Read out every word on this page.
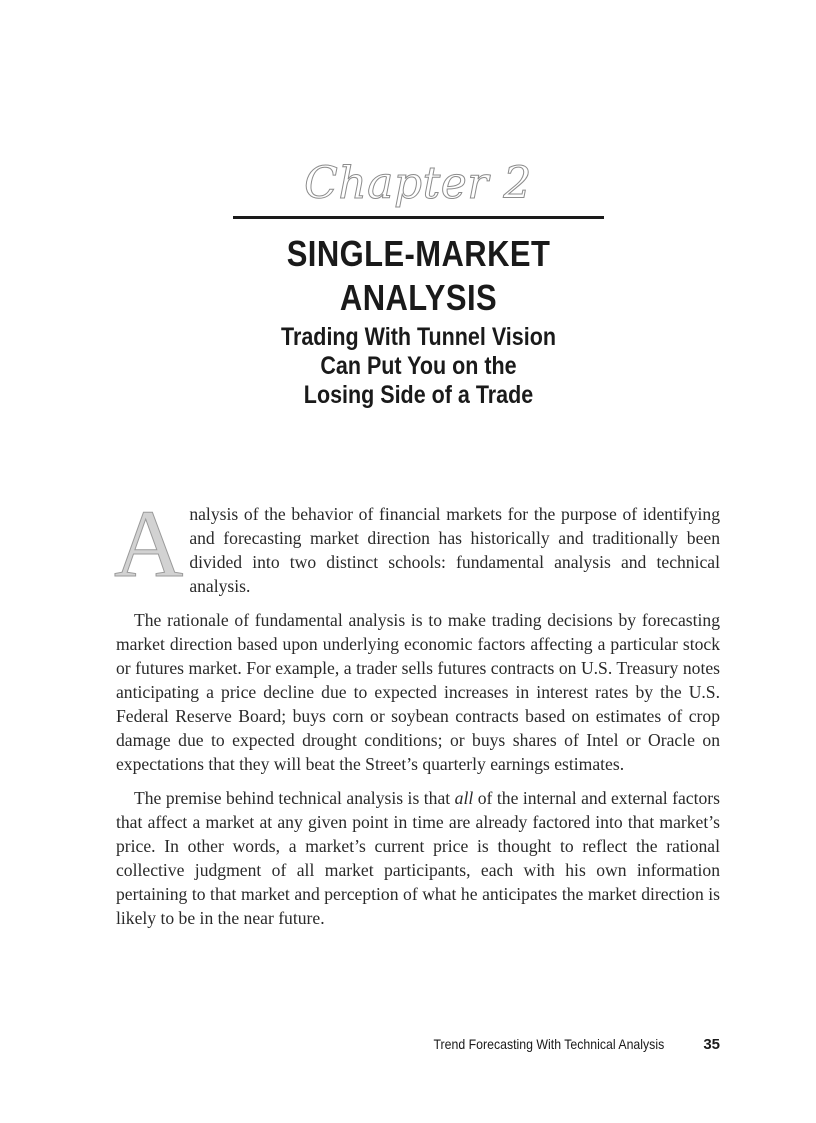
Chapter 2
SINGLE-MARKET
ANALYSIS
Trading With Tunnel Vision
Can Put You on the
Losing Side of a Trade

Analysis of the behavior of financial markets for the purpose of identifying and forecasting market direction has historically and traditionally been divided into two distinct schools: fundamental analysis and technical analysis.

The rationale of fundamental analysis is to make trading decisions by forecasting market direction based upon underlying economic factors affecting a particular stock or futures market. For example, a trader sells futures contracts on U.S. Treasury notes anticipating a price decline due to expected increases in interest rates by the U.S. Federal Reserve Board; buys corn or soybean contracts based on estimates of crop damage due to expected drought conditions; or buys shares of Intel or Oracle on expectations that they will beat the Street’s quarterly earnings estimates.

The premise behind technical analysis is that all of the internal and external factors that affect a market at any given point in time are already factored into that market’s price. In other words, a market’s current price is thought to reflect the rational collective judgment of all market participants, each with his own information pertaining to that market and perception of what he anticipates the market direction is likely to be in the near future.

Trend Forecasting With Technical Analysis	35
